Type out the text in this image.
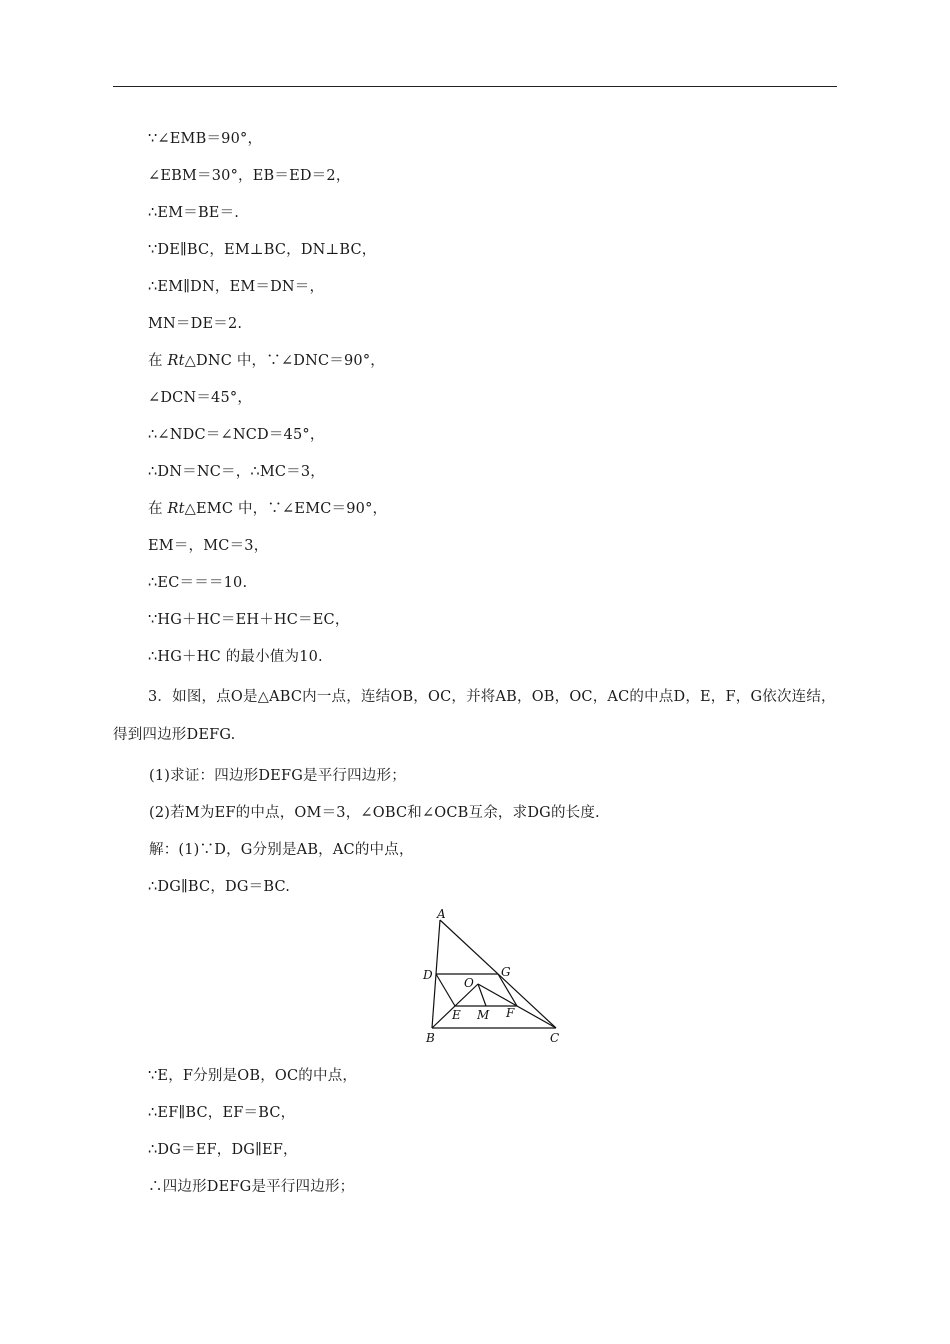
∵∠EMB＝90°，
∠EBM＝30°，EB＝ED＝2，
∴EM＝BE＝.
∵DE∥BC，EM⊥BC，DN⊥BC，
∴EM∥DN，EM＝DN＝，
MN＝DE＝2.
在 Rt△DNC 中，∵∠DNC＝90°，
∠DCN＝45°，
∴∠NDC＝∠NCD＝45°，
∴DN＝NC＝，∴MC＝3，
在 Rt△EMC 中，∵∠EMC＝90°，
EM＝，MC＝3，
∴EC＝＝＝10.
∵HG＋HC＝EH＋HC＝EC，
∴HG＋HC 的最小值为10.
3．如图，点O是△ABC内一点，连结OB，OC，并将AB，OB，OC，AC的中点D，E，F，G依次连结，得到四边形DEFG.
(1)求证：四边形DEFG是平行四边形；
(2)若M为EF的中点，OM＝3，∠OBC和∠OCB互余，求DG的长度.
解：(1)∵D，G分别是AB，AC的中点，
∴DG∥BC，DG＝BC.
A
D	G
O
E M F
B	C
∵E，F分别是OB，OC的中点，
∴EF∥BC，EF＝BC，
∴DG＝EF，DG∥EF，
∴四边形DEFG是平行四边形；
